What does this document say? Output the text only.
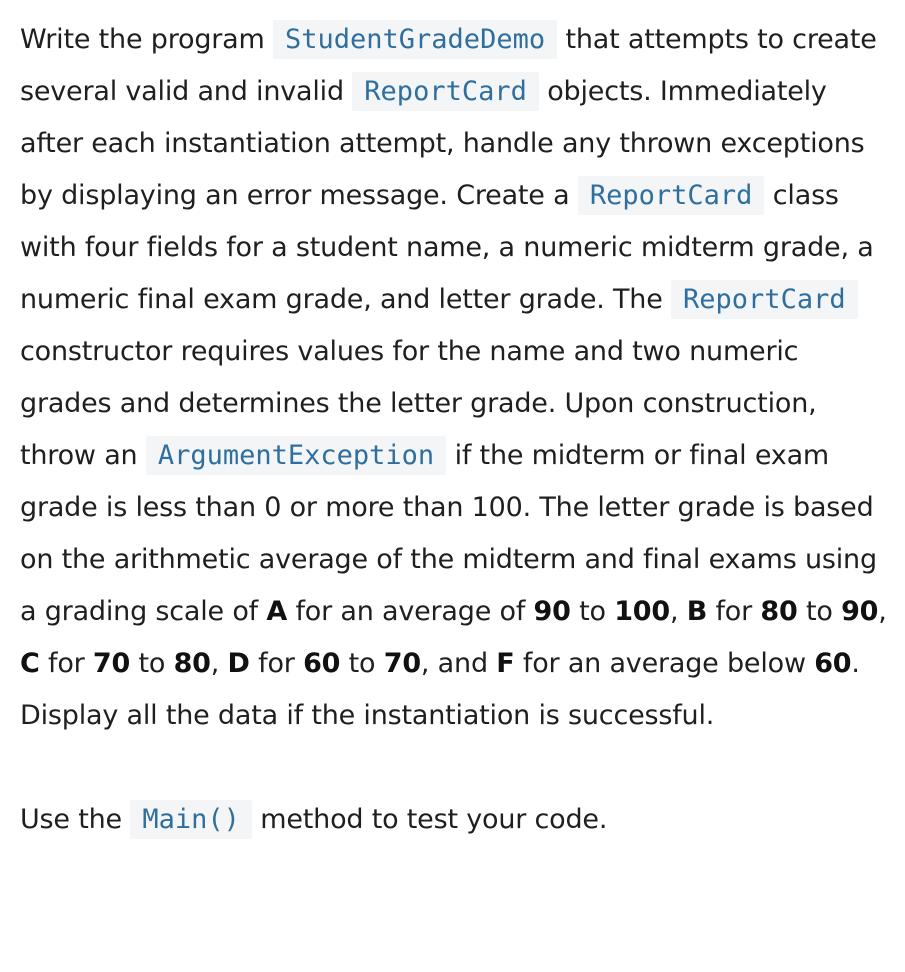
Write the program StudentGradeDemo that attempts to create several valid and invalid ReportCard objects. Immediately after each instantiation attempt, handle any thrown exceptions by displaying an error message. Create a ReportCard class with four fields for a student name, a numeric midterm grade, a numeric final exam grade, and letter grade. The ReportCard constructor requires values for the name and two numeric grades and determines the letter grade. Upon construction, throw an ArgumentException if the midterm or final exam grade is less than 0 or more than 100. The letter grade is based on the arithmetic average of the midterm and final exams using a grading scale of A for an average of 90 to 100, B for 80 to 90, C for 70 to 80, D for 60 to 70, and F for an average below 60. Display all the data if the instantiation is successful.

Use the Main() method to test your code.
